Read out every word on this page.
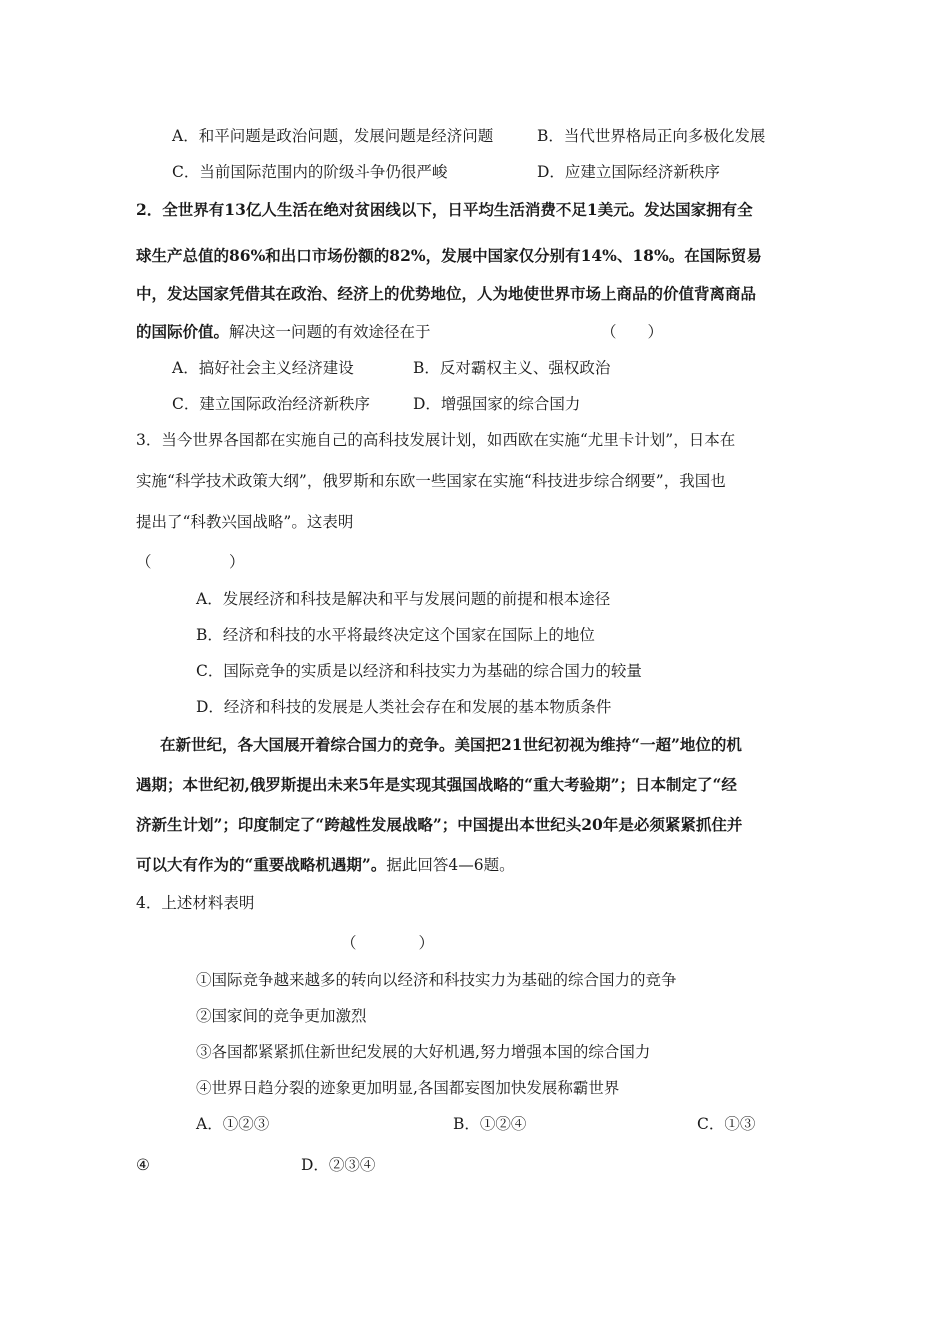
A．和平问题是政治问题，发展问题是经济问题	B．当代世界格局正向多极化发展
C．当前国际范围内的阶级斗争仍很严峻	D．应建立国际经济新秩序
2．全世界有13亿人生活在绝对贫困线以下，日平均生活消费不足1美元。发达国家拥有全
球生产总值的86%和出口市场份额的82%，发展中国家仅分别有14%、18%。在国际贸易
中，发达国家凭借其在政治、经济上的优势地位，人为地使世界市场上商品的价值背离商品
的国际价值。解决这一问题的有效途径在于	（　　）
A．搞好社会主义经济建设	B．反对霸权主义、强权政治
C．建立国际政治经济新秩序	D．增强国家的综合国力
3．当今世界各国都在实施自己的高科技发展计划，如西欧在实施“尤里卡计划”，日本在
实施“科学技术政策大纲”，俄罗斯和东欧一些国家在实施“科技进步综合纲要”，我国也
提出了“科教兴国战略”。这表明
（　　　　　）
A．发展经济和科技是解决和平与发展问题的前提和根本途径
B．经济和科技的水平将最终决定这个国家在国际上的地位
C．国际竞争的实质是以经济和科技实力为基础的综合国力的较量
D．经济和科技的发展是人类社会存在和发展的基本物质条件
在新世纪，各大国展开着综合国力的竞争。美国把21世纪初视为维持“一超”地位的机
遇期；本世纪初,俄罗斯提出未来5年是实现其强国战略的“重大考验期”；日本制定了“经
济新生计划”；印度制定了“跨越性发展战略”；中国提出本世纪头20年是必须紧紧抓住并
可以大有作为的“重要战略机遇期”。据此回答4—6题。
4．上述材料表明
（　　　　）
①国际竞争越来越多的转向以经济和科技实力为基础的综合国力的竞争
②国家间的竞争更加激烈
③各国都紧紧抓住新世纪发展的大好机遇,努力增强本国的综合国力
④世界日趋分裂的迹象更加明显,各国都妄图加快发展称霸世界
A．①②③	B．①②④	C．①③
④	D．②③④
